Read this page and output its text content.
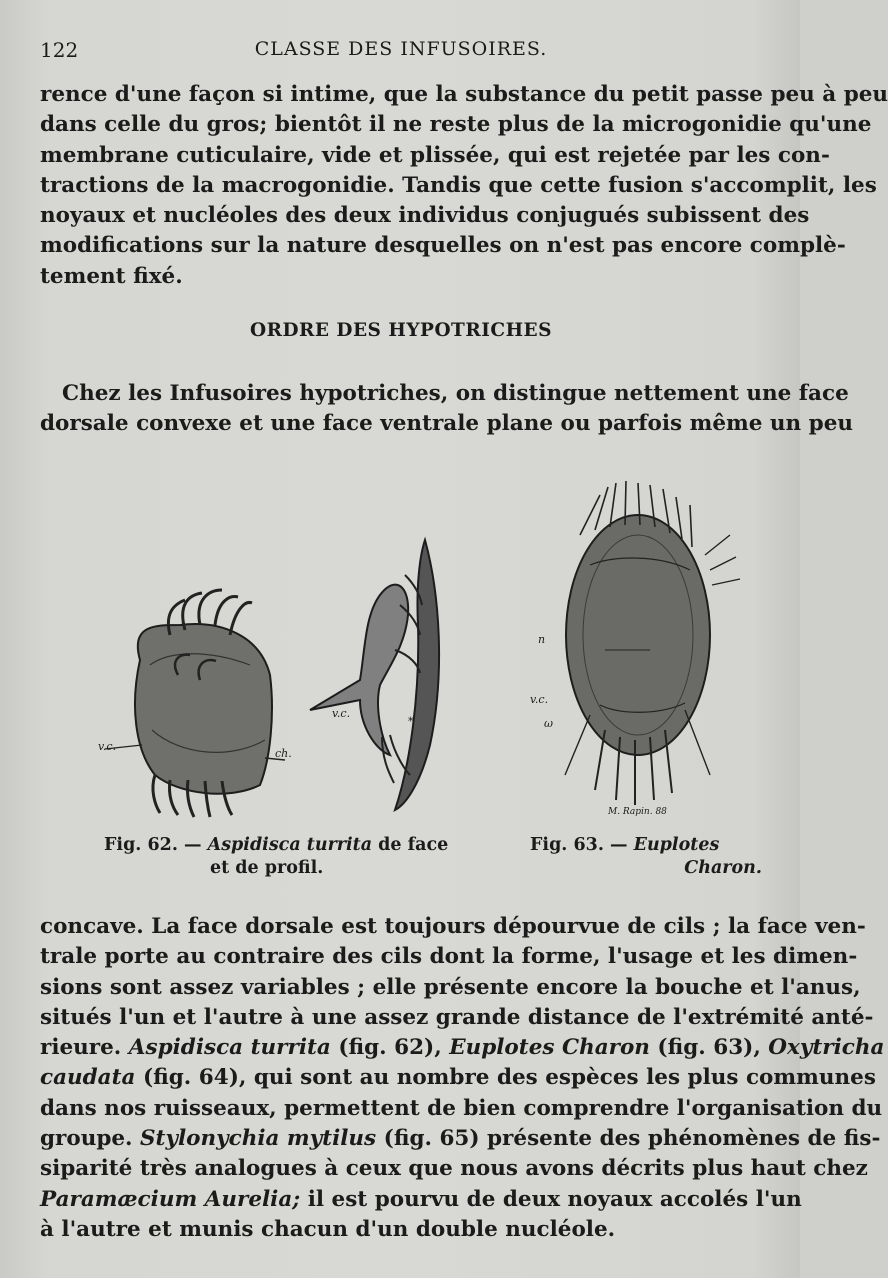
122	CLASSE DES INFUSOIRES.
rence d'une façon si intime, que la substance du petit passe peu à peu
dans celle du gros; bientôt il ne reste plus de la microgonidie qu'une
membrane cuticulaire, vide et plissée, qui est rejetée par les con-
tractions de la macrogonidie. Tandis que cette fusion s'accomplit, les
noyaux et nucléoles des deux individus conjugués subissent des
modifications sur la nature desquelles on n'est pas encore complè-
tement fixé.
ORDRE DES HYPOTRICHES
Chez les Infusoires hypotriches, on distingue nettement une face
dorsale convexe et une face ventrale plane ou parfois même un peu
v.c.
ch.
v.c.
*
n
v.c.
ω
M. Rapin. 88
Fig. 62. — Aspidisca turrita de face
et de profil.
Fig. 63. — Euplotes
Charon.
concave. La face dorsale est toujours dépourvue de cils ; la face ven-
trale porte au contraire des cils dont la forme, l'usage et les dimen-
sions sont assez variables ; elle présente encore la bouche et l'anus,
situés l'un et l'autre à une assez grande distance de l'extrémité anté-
rieure. Aspidisca turrita (fig. 62), Euplotes Charon (fig. 63), Oxytricha
caudata (fig. 64), qui sont au nombre des espèces les plus communes
dans nos ruisseaux, permettent de bien comprendre l'organisation du
groupe. Stylonychia mytilus (fig. 65) présente des phénomènes de fis-
siparité très analogues à ceux que nous avons décrits plus haut chez
Paramæcium Aurelia; il est pourvu de deux noyaux accolés l'un
à l'autre et munis chacun d'un double nucléole.
